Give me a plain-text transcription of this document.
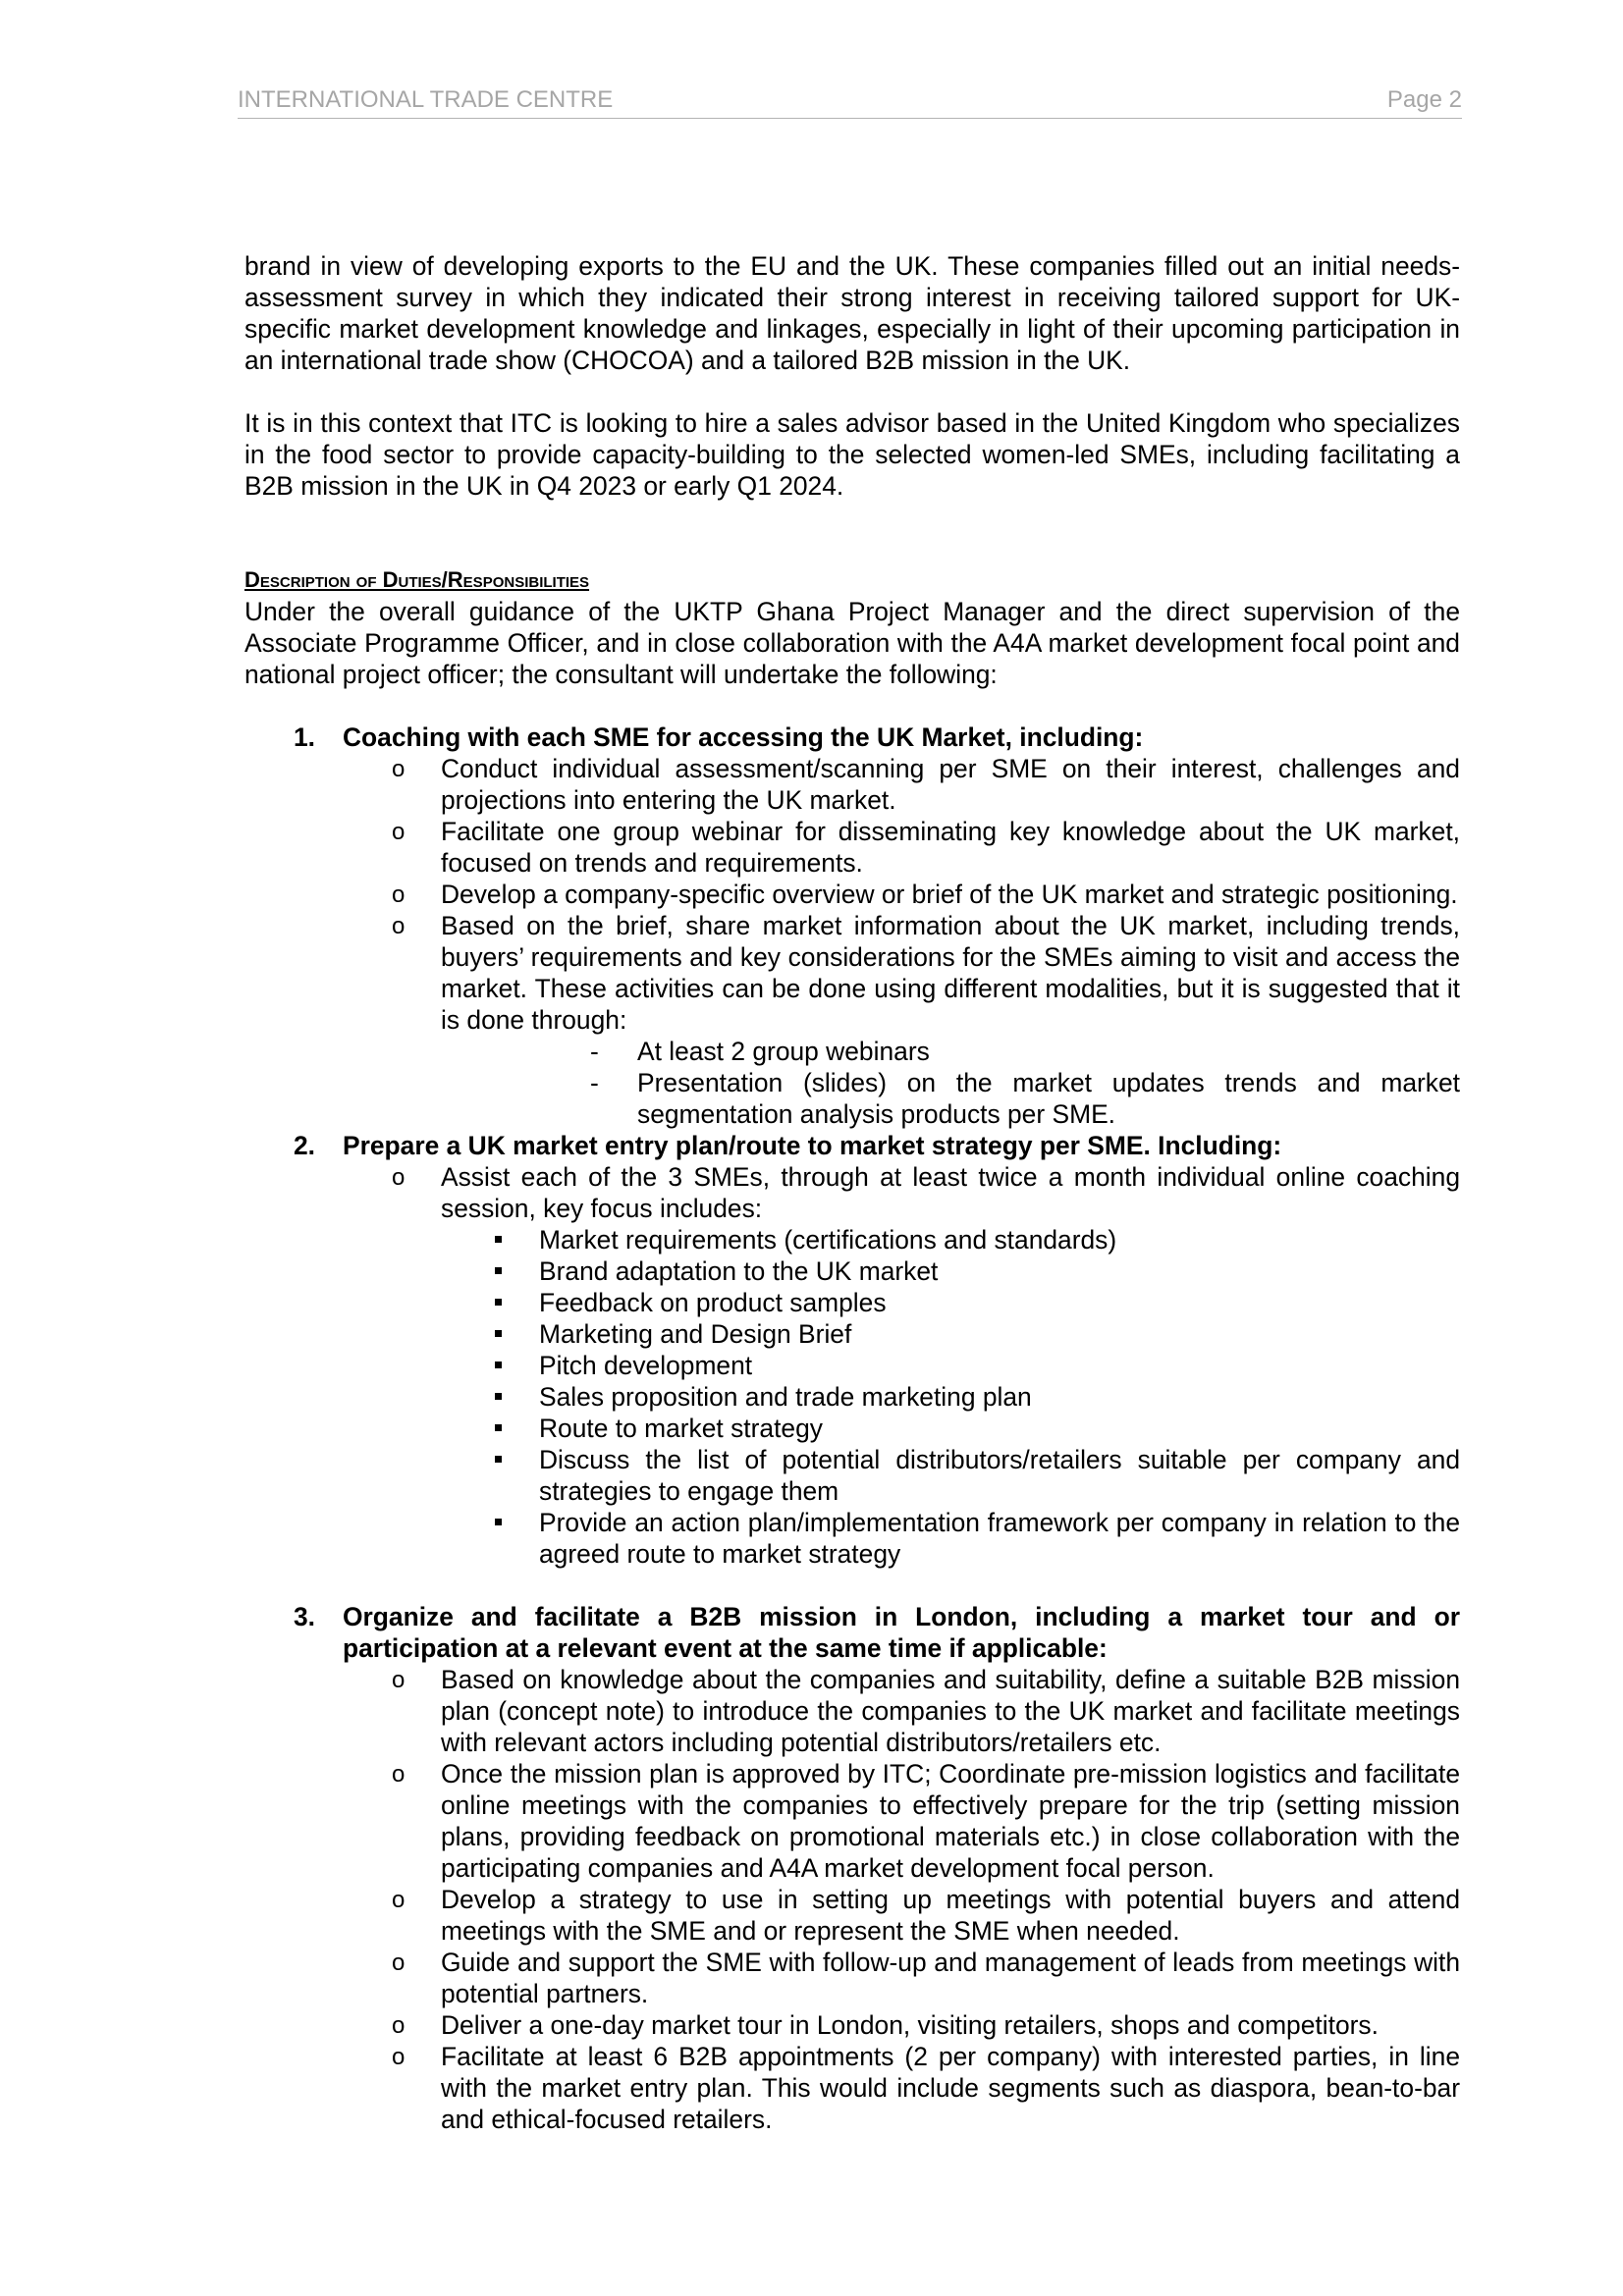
INTERNATIONAL TRADE CENTRE	Page 2

brand in view of developing exports to the EU and the UK. These companies filled out an initial needs-assessment survey in which they indicated their strong interest in receiving tailored support for UK-specific market development knowledge and linkages, especially in light of their upcoming participation in an international trade show (CHOCOA) and a tailored B2B mission in the UK.

It is in this context that ITC is looking to hire a sales advisor based in the United Kingdom who specializes in the food sector to provide capacity-building to the selected women-led SMEs, including facilitating a B2B mission in the UK in Q4 2023 or early Q1 2024.

Description of Duties/Responsibilities

Under the overall guidance of the UKTP Ghana Project Manager and the direct supervision of the Associate Programme Officer, and in close collaboration with the A4A market development focal point and national project officer; the consultant will undertake the following:

1. Coaching with each SME for accessing the UK Market, including:

o Conduct individual assessment/scanning per SME on their interest, challenges and projections into entering the UK market.

o Facilitate one group webinar for disseminating key knowledge about the UK market, focused on trends and requirements.

o Develop a company-specific overview or brief of the UK market and strategic positioning.

o Based on the brief, share market information about the UK market, including trends, buyers’ requirements and key considerations for the SMEs aiming to visit and access the market. These activities can be done using different modalities, but it is suggested that it is done through:

- At least 2 group webinars

- Presentation (slides) on the market updates trends and market segmentation analysis products per SME.

2. Prepare a UK market entry plan/route to market strategy per SME. Including:

o Assist each of the 3 SMEs, through at least twice a month individual online coaching session, key focus includes:

Market requirements (certifications and standards)

Brand adaptation to the UK market

Feedback on product samples

Marketing and Design Brief

Pitch development

Sales proposition and trade marketing plan

Route to market strategy

Discuss the list of potential distributors/retailers suitable per company and strategies to engage them

Provide an action plan/implementation framework per company in relation to the agreed route to market strategy

3. Organize and facilitate a B2B mission in London, including a market tour and or participation at a relevant event at the same time if applicable:

o Based on knowledge about the companies and suitability, define a suitable B2B mission plan (concept note) to introduce the companies to the UK market and facilitate meetings with relevant actors including potential distributors/retailers etc.

o Once the mission plan is approved by ITC; Coordinate pre-mission logistics and facilitate online meetings with the companies to effectively prepare for the trip (setting mission plans, providing feedback on promotional materials etc.) in close collaboration with the participating companies and A4A market development focal person.

o Develop a strategy to use in setting up meetings with potential buyers and attend meetings with the SME and or represent the SME when needed.

o Guide and support the SME with follow-up and management of leads from meetings with potential partners.

o Deliver a one-day market tour in London, visiting retailers, shops and competitors.

o Facilitate at least 6 B2B appointments (2 per company) with interested parties, in line with the market entry plan. This would include segments such as diaspora, bean-to-bar and ethical-focused retailers.
